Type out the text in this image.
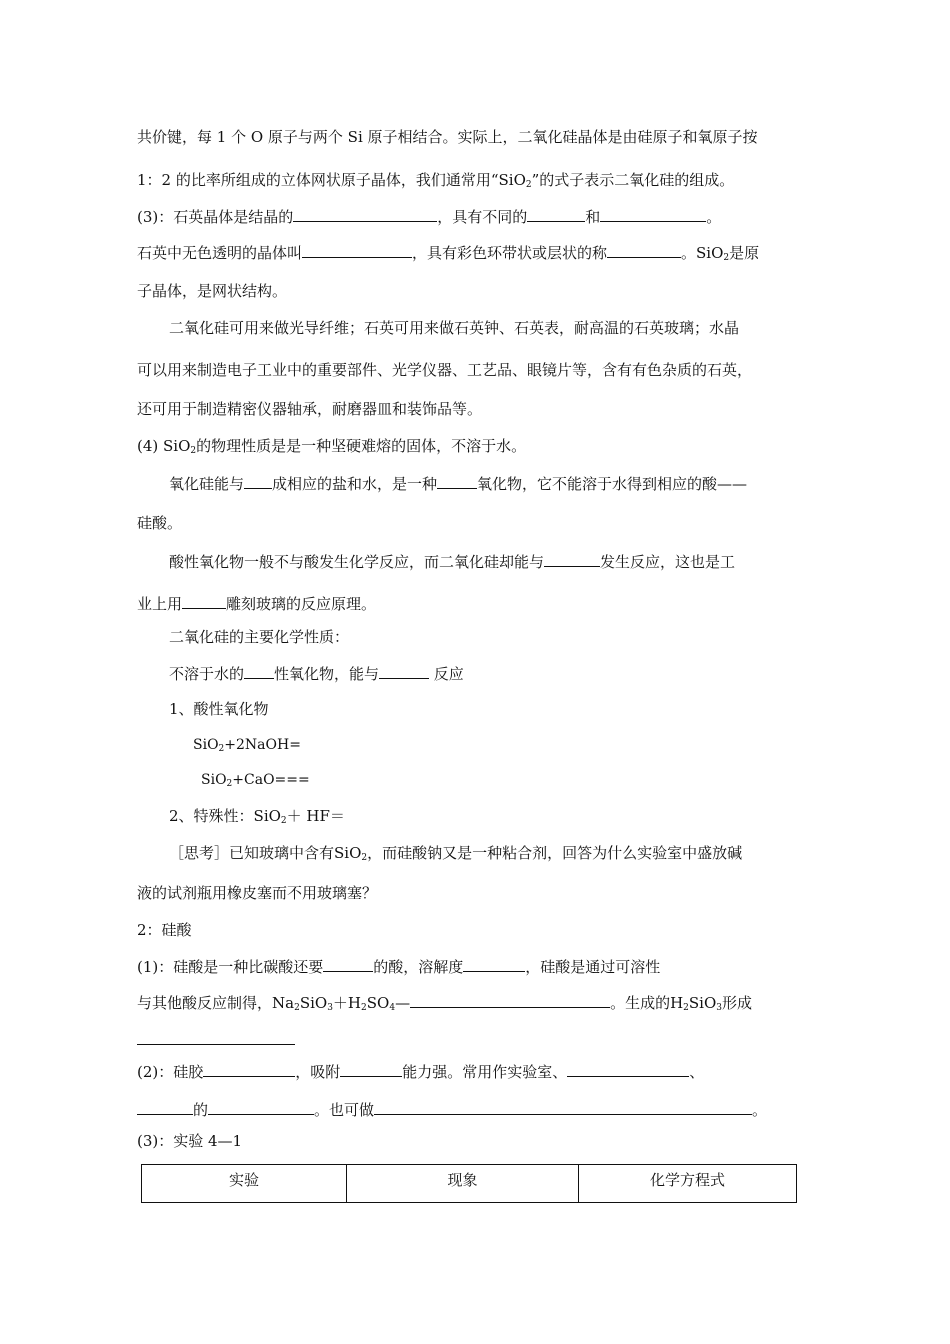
共价键，每 1 个 O 原子与两个 Si 原子相结合。实际上，二氧化硅晶体是由硅原子和氧原子按
1：2 的比率所组成的立体网状原子晶体，我们通常用“SiO$_2$”的式子表示二氧化硅的组成。
(3)：石英晶体是结晶的	，具有不同的	和	。
石英中无色透明的晶体叫	，具有彩色环带状或层状的称	。SiO$_2$是原
子晶体，是网状结构。
二氧化硅可用来做光导纤维；石英可用来做石英钟、石英表，耐高温的石英玻璃；水晶
可以用来制造电子工业中的重要部件、光学仪器、工艺品、眼镜片等，含有有色杂质的石英，
还可用于制造精密仪器轴承，耐磨器皿和装饰品等。
(4) SiO$_2$的物理性质是是一种坚硬难熔的固体，不溶于水。
氧化硅能与 成相应的盐和水，是一种	氧化物，它不能溶于水得到相应的酸——
硅酸。
酸性氧化物一般不与酸发生化学反应，而二氧化硅却能与	发生反应，这也是工
业上用	雕刻玻璃的反应原理。
二氧化硅的主要化学性质：
不溶于水的 性氧化物，能与	反应
1、酸性氧化物
SiO$_2$+2NaOH=
SiO$_2$+CaO===
2、特殊性：SiO$_2$＋ HF＝
［思考］已知玻璃中含有SiO$_2$，而硅酸钠又是一种粘合剂，回答为什么实验室中盛放碱
液的试剂瓶用橡皮塞而不用玻璃塞？
2：硅酸
(1)：硅酸是一种比碳酸还要	的酸，溶解度	，硅酸是通过可溶性
与其他酸反应制得，$Na_2SiO_3+H_2SO_4—$	。生成的$H_2SiO_3$形成
(2)：硅胶	，吸附	能力强。常用作实验室、	、
的	。也可做	。
(3)：实验 4—1
实验	现象	化学方程式
